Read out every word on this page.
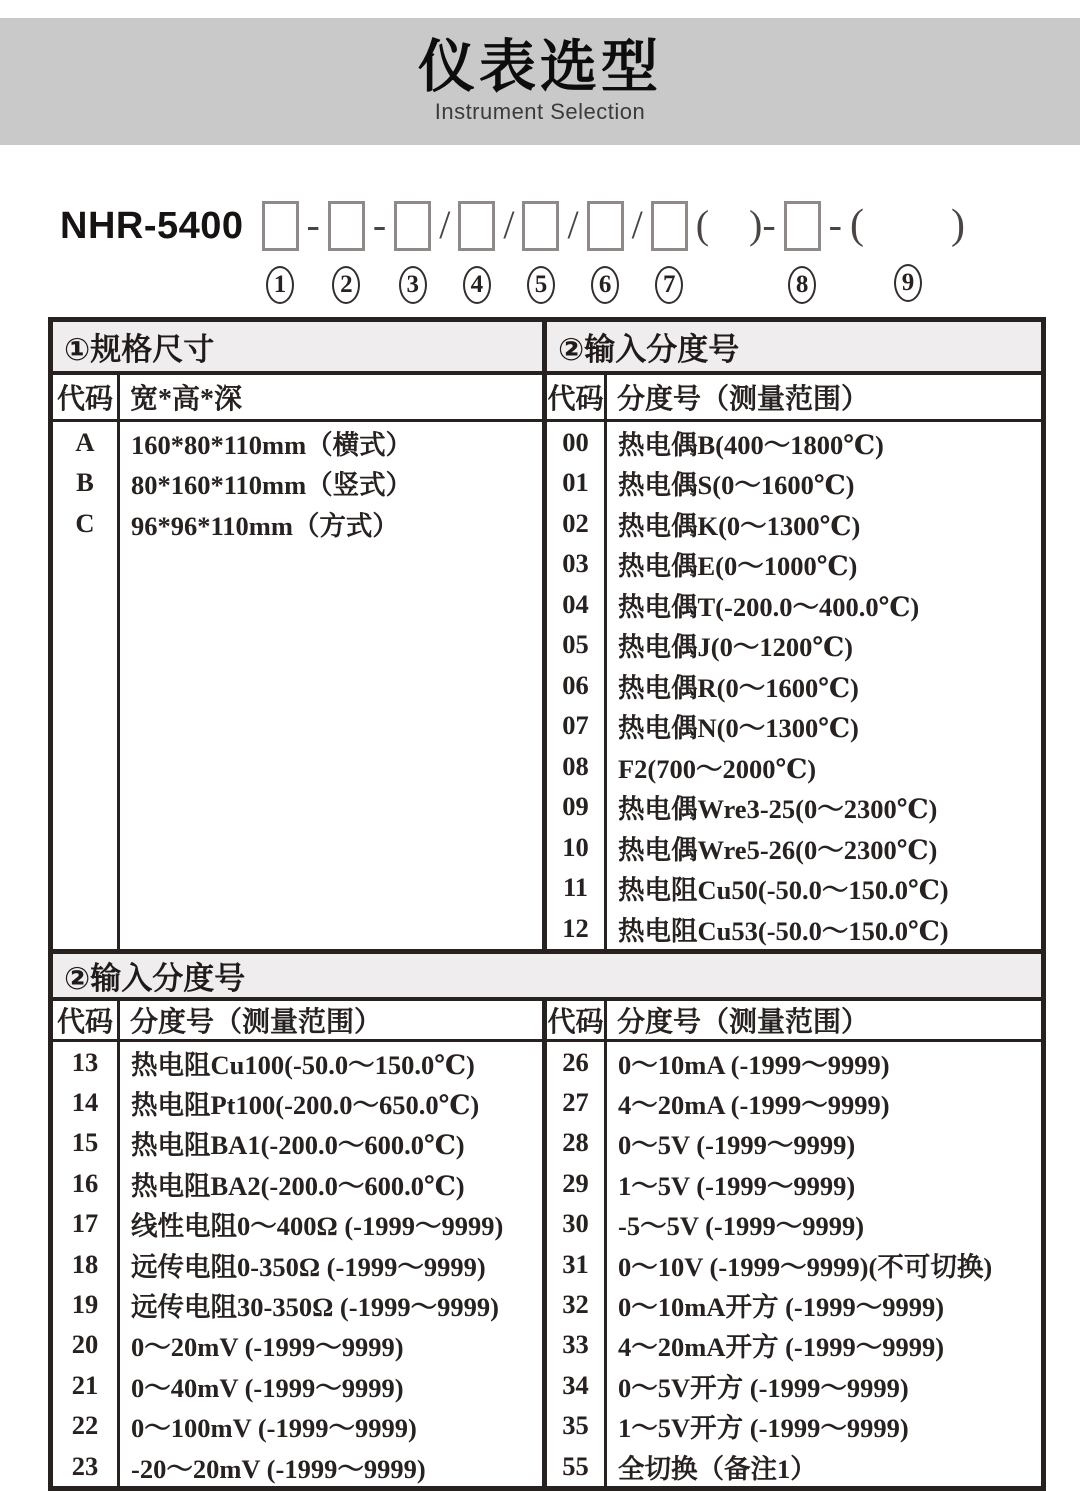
仪表选型
Instrument Selection
NHR-5400
1
-
2
-
3
/
4
/
5
/
6
/
7
(　)-
8
- (　　)
9
①规格尺寸
代码 宽*高*深
A
B
C
160*80*110mm（横式）
80*160*110mm（竖式）
96*96*110mm（方式）
②输入分度号
代码 分度号（测量范围）
00
01
02
03
04
05
06
07
08
09
10
11
12
热电偶B(400～1800℃)
热电偶S(0～1600℃)
热电偶K(0～1300℃)
热电偶E(0～1000℃)
热电偶T(-200.0～400.0℃)
热电偶J(0～1200℃)
热电偶R(0～1600℃)
热电偶N(0～1300℃)
F2(700～2000℃)
热电偶Wre3-25(0～2300℃)
热电偶Wre5-26(0～2300℃)
热电阻Cu50(-50.0～150.0℃)
热电阻Cu53(-50.0～150.0℃)
②输入分度号
代码 分度号（测量范围）
13
14
15
16
17
18
19
20
21
22
23
热电阻Cu100(-50.0～150.0℃)
热电阻Pt100(-200.0～650.0℃)
热电阻BA1(-200.0～600.0℃)
热电阻BA2(-200.0～600.0℃)
线性电阻0～400Ω (-1999～9999)
远传电阻0-350Ω (-1999～9999)
远传电阻30-350Ω (-1999～9999)
0～20mV (-1999～9999)
0～40mV (-1999～9999)
0～100mV (-1999～9999)
-20～20mV (-1999～9999)
代码 分度号（测量范围）
26
27
28
29
30
31
32
33
34
35
55
0～10mA (-1999～9999)
4～20mA (-1999～9999)
0～5V (-1999～9999)
1～5V (-1999～9999)
-5～5V (-1999～9999)
0～10V (-1999～9999)(不可切换)
0～10mA开方 (-1999～9999)
4～20mA开方 (-1999～9999)
0～5V开方 (-1999～9999)
1～5V开方 (-1999～9999)
全切换（备注1）
